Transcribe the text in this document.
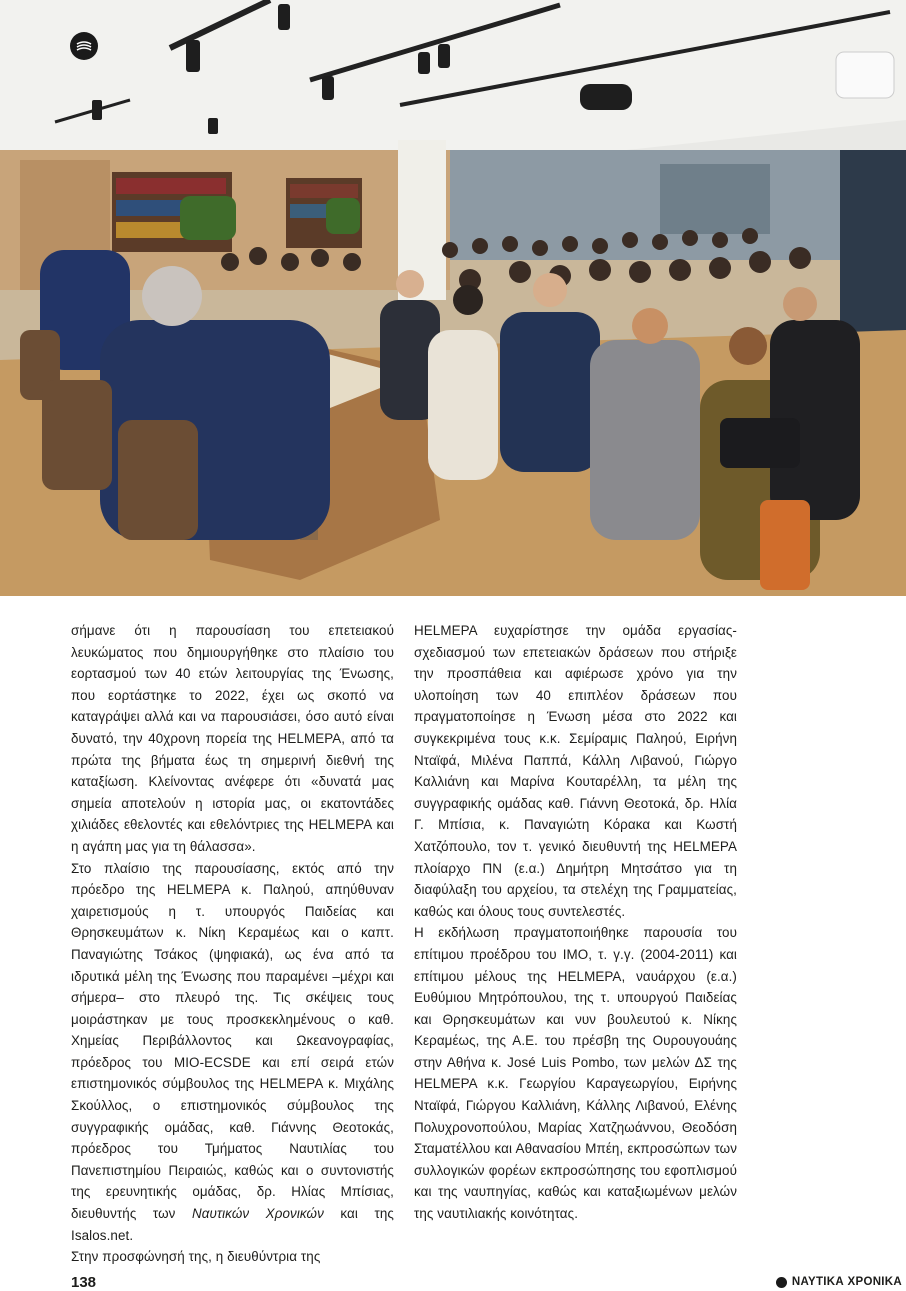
σήμανε ότι η παρουσίαση του επετειακού λευκώματος που δημιουργήθηκε στο πλαίσιο του εορτασμού των 40 ετών λειτουργίας της Ένωσης, που εορτάστηκε το 2022, έχει ως σκοπό να καταγράψει αλλά και να παρουσιάσει, όσο αυτό είναι δυνατό, την 40χρονη πορεία της HELMEPA, από τα πρώτα της βήματα έως τη σημερινή διεθνή της καταξίωση. Κλείνοντας ανέφερε ότι «δυνατά μας σημεία αποτελούν η ιστορία μας, οι εκατοντάδες χιλιάδες εθελοντές και εθελόντριες της HELMEPA και η αγάπη μας για τη θάλασσα».

Στο πλαίσιο της παρουσίασης, εκτός από την πρόεδρο της HELMEPA κ. Παληού, απηύθυναν χαιρετισμούς η τ. υπουργός Παιδείας και Θρησκευμάτων κ. Νίκη Κεραμέως και ο καπτ. Παναγιώτης Τσάκος (ψηφιακά), ως ένα από τα ιδρυτικά μέλη της Ένωσης που παραμένει –μέχρι και σήμερα– στο πλευρό της. Τις σκέψεις τους μοιράστηκαν με τους προσκεκλημένους ο καθ. Χημείας Περιβάλλοντος και Ωκεανογραφίας, πρόεδρος του MIO-ECSDE και επί σειρά ετών επιστημονικός σύμβουλος της HELMEPA κ. Μιχάλης Σκούλλος, ο επιστημονικός σύμβουλος της συγγραφικής ομάδας, καθ. Γιάννης Θεοτοκάς, πρόεδρος του Τμήματος Ναυτιλίας του Πανεπιστημίου Πειραιώς, καθώς και ο συντονιστής της ερευνητικής ομάδας, δρ. Ηλίας Μπίσιας, διευθυντής των Ναυτικών Χρονικών και της Isalos.net.

Στην προσφώνησή της, η διευθύντρια της

HELMEPA ευχαρίστησε την ομάδα εργασίας-σχεδιασμού των επετειακών δράσεων που στήριξε την προσπάθεια και αφιέρωσε χρόνο για την υλοποίηση των 40 επιπλέον δράσεων που πραγματοποίησε η Ένωση μέσα στο 2022 και συγκεκριμένα τους κ.κ. Σεμίραμις Παληού, Ειρήνη Νταϊφά, Μιλένα Παππά, Κάλλη Λιβανού, Γιώργο Καλλιάνη και Μαρίνα Κουταρέλλη, τα μέλη της συγγραφικής ομάδας καθ. Γιάννη Θεοτοκά, δρ. Ηλία Γ. Μπίσια, κ. Παναγιώτη Κόρακα και Κωστή Χατζόπουλο, τον τ. γενικό διευθυντή της HELMEPA πλοίαρχο ΠΝ (ε.α.) Δημήτρη Μητσάτσο για τη διαφύλαξη του αρχείου, τα στελέχη της Γραμματείας, καθώς και όλους τους συντελεστές.

Η εκδήλωση πραγματοποιήθηκε παρουσία του επίτιμου προέδρου του ΙΜΟ, τ. γ.γ. (2004-2011) και επίτιμου μέλους της HELMEPA, ναυάρχου (ε.α.) Ευθύμιου Μητρόπουλου, της τ. υπουργού Παιδείας και Θρησκευμάτων και νυν βουλευτού κ. Νίκης Κεραμέως, της Α.Ε. του πρέσβη της Ουρουγουάης στην Αθήνα κ. José Luis Pombo, των μελών ΔΣ της HELMEPA κ.κ. Γεωργίου Καραγεωργίου, Ειρήνης Νταϊφά, Γιώργου Καλλιάνη, Κάλλης Λιβανού, Ελένης Πολυχρονοπούλου, Μαρίας Χατζηωάννου, Θεοδόση Σταματέλλου και Αθανασίου Μπέη, εκπροσώπων των συλλογικών φορέων εκπροσώπησης του εφοπλισμού και της ναυπηγίας, καθώς και καταξιωμένων μελών της ναυτιλιακής κοινότητας.

138	ΝΑΥΤΙΚΑ ΧΡΟΝΙΚΑ
